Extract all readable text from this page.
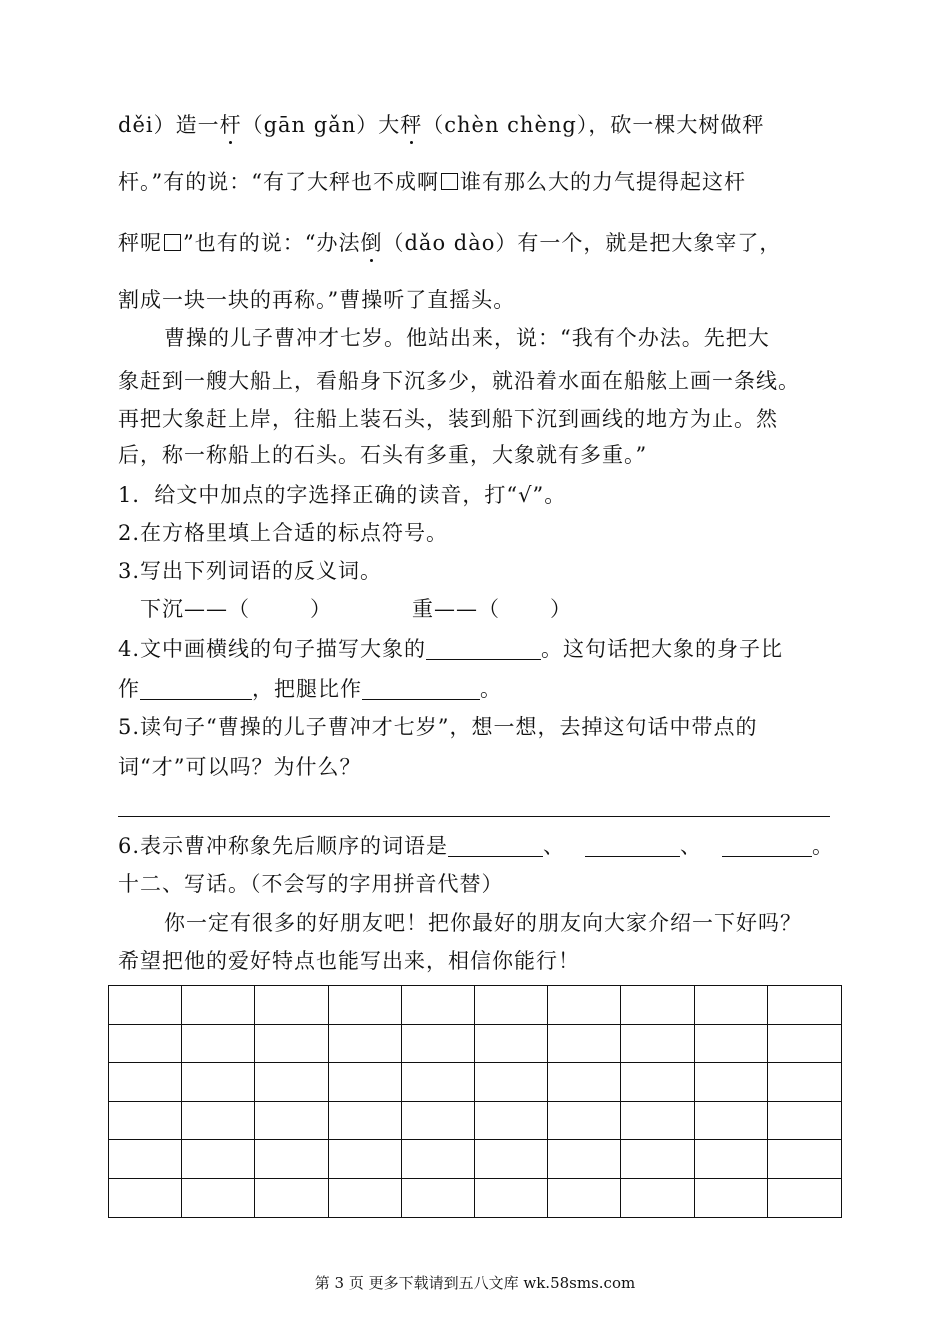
děi）造一杆（gān gǎn）大秤（chèn chèng），砍一棵大树做秤
杆。”有的说：“有了大秤也不成啊 谁有那么大的力气提得起这杆
秤呢 ”也有的说：“办法倒（dǎo dào）有一个，就是把大象宰了，
割成一块一块的再称。”曹操听了直摇头。
曹操的儿子曹冲才七岁。他站出来，说：“我有个办法。先把大
象赶到一艘大船上，看船身下沉多少，就沿着水面在船舷上画一条线。
再把大象赶上岸，往船上装石头，装到船下沉到画线的地方为止。然
后，称一称船上的石头。石头有多重，大象就有多重。”
1．给文中加点的字选择正确的读音，打“√”。
2.在方格里填上合适的标点符号。
3.写出下列词语的反义词。
下沉——（	）	重——（ ）
4.文中画横线的句子描写大象的	。这句话把大象的身子比
作	，把腿比作	。
5.读句子“曹操的儿子曹冲才七岁”，想一想，去掉这句话中带点的
词“才”可以吗？为什么？
6.表示曹冲称象先后顺序的词语是	、	、	。
十二、写话。（不会写的字用拼音代替）
你一定有很多的好朋友吧！把你最好的朋友向大家介绍一下好吗？
希望把他的爱好特点也能写出来，相信你能行！
第 3 页 更多下载请到五八文库 wk.58sms.com
